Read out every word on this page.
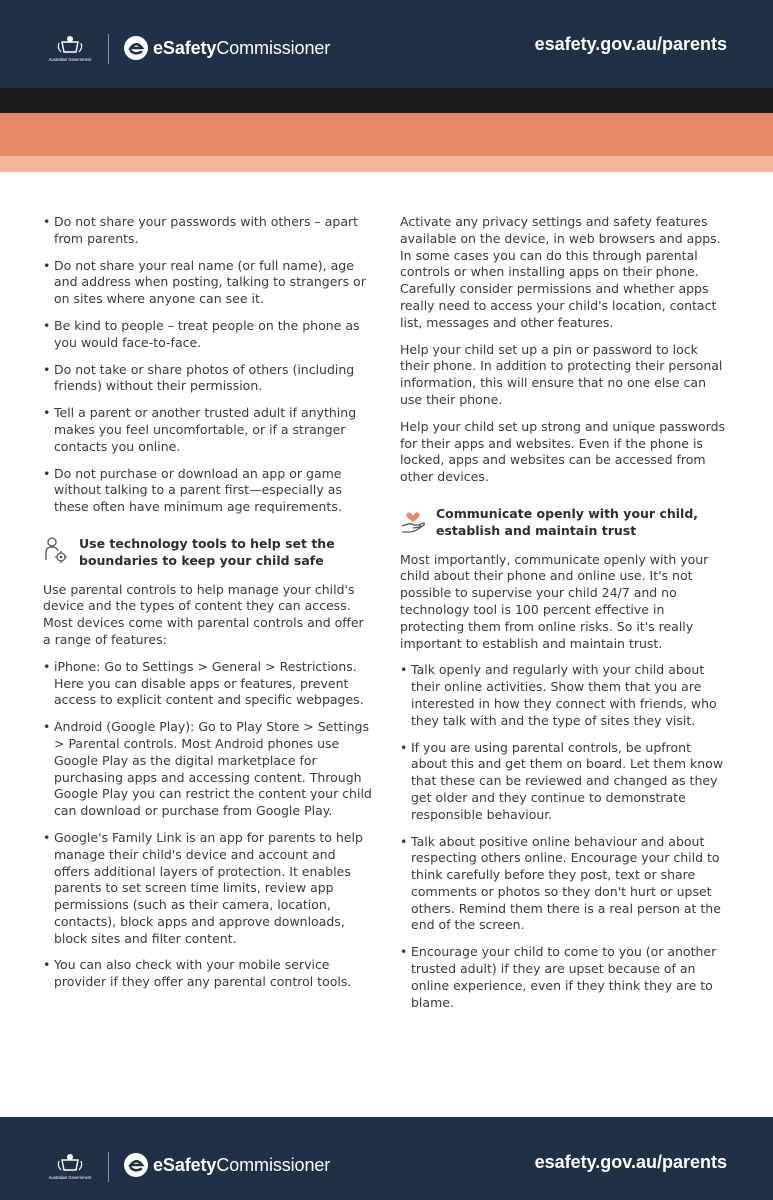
Australian Government
eSafetyCommissioner	esafety.gov.au/parents
• Do not share your passwords with others – apart from parents.
• Do not share your real name (or full name), age and address when posting, talking to strangers or on sites where anyone can see it.
• Be kind to people – treat people on the phone as you would face-to-face.
• Do not take or share photos of others (including friends) without their permission.
• Tell a parent or another trusted adult if anything makes you feel uncomfortable, or if a stranger contacts you online.
• Do not purchase or download an app or game without talking to a parent first—especially as these often have minimum age requirements.
Use technology tools to help set the boundaries to keep your child safe

Use parental controls to help manage your child's device and the types of content they can access. Most devices come with parental controls and offer a range of features:

• iPhone: Go to Settings > General > Restrictions. Here you can disable apps or features, prevent access to explicit content and specific webpages.
• Android (Google Play): Go to Play Store > Settings > Parental controls. Most Android phones use Google Play as the digital marketplace for purchasing apps and accessing content. Through Google Play you can restrict the content your child can download or purchase from Google Play.
• Google's Family Link is an app for parents to help manage their child's device and account and offers additional layers of protection. It enables parents to set screen time limits, review app permissions (such as their camera, location, contacts), block apps and approve downloads, block sites and filter content.
• You can also check with your mobile service provider if they offer any parental control tools.

Activate any privacy settings and safety features available on the device, in web browsers and apps. In some cases you can do this through parental controls or when installing apps on their phone. Carefully consider permissions and whether apps really need to access your child's location, contact list, messages and other features.

Help your child set up a pin or password to lock their phone. In addition to protecting their personal information, this will ensure that no one else can use their phone.

Help your child set up strong and unique passwords for their apps and websites. Even if the phone is locked, apps and websites can be accessed from other devices.

Communicate openly with your child, establish and maintain trust

Most importantly, communicate openly with your child about their phone and online use. It's not possible to supervise your child 24/7 and no technology tool is 100 percent effective in protecting them from online risks. So it's really important to establish and maintain trust.

• Talk openly and regularly with your child about their online activities. Show them that you are interested in how they connect with friends, who they talk with and the type of sites they visit.
• If you are using parental controls, be upfront about this and get them on board. Let them know that these can be reviewed and changed as they get older and they continue to demonstrate responsible behaviour.
• Talk about positive online behaviour and about respecting others online. Encourage your child to think carefully before they post, text or share comments or photos so they don't hurt or upset others. Remind them there is a real person at the end of the screen.
• Encourage your child to come to you (or another trusted adult) if they are upset because of an online experience, even if they think they are to blame.
Australian Government
eSafetyCommissioner	esafety.gov.au/parents
